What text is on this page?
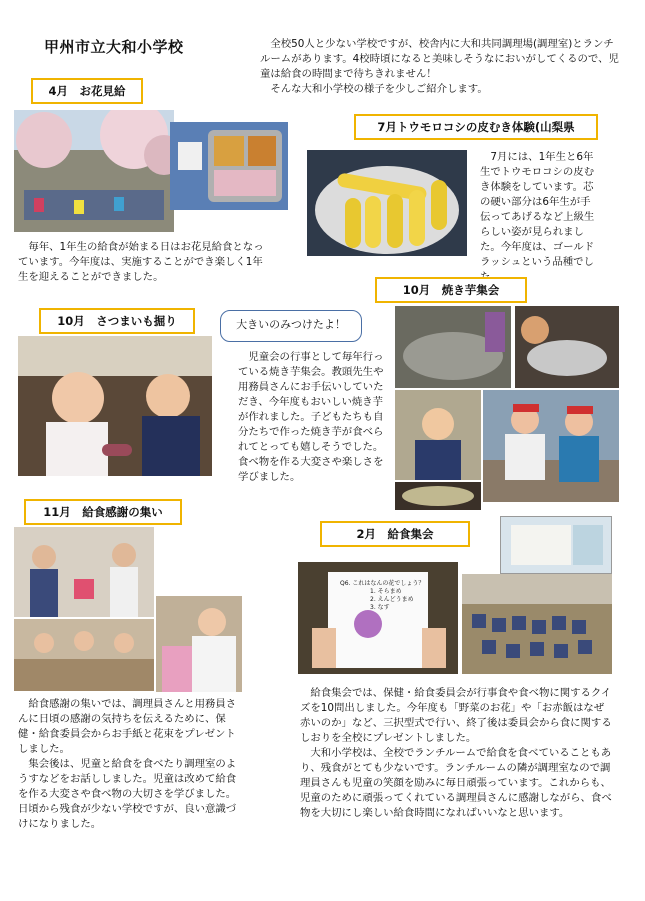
甲州市立大和小学校	全校50人と少ない学校ですが、校舎内に大和共同調理場(調理室)とランチルームがあります。4校時頃になると美味しそうなにおいがしてくるので、児童は給食の時間まで待ちきれません！

そんな大和小学校の様子を少しご紹介します。

4月　お花見給
毎年、1年生の給食が始まる日はお花見給食となっています。今年度は、実施することができ楽しく1年生を迎えることができました。
7月トウモロコシの皮むき体験(山梨県
7月には、1年生と6年生でトウモロコシの皮むき体験をしています。芯の硬い部分は6年生が手伝ってあげるなど上級生らしい姿が見られました。今年度は、ゴールドラッシュという品種でし
10月　さつまいも掘り	大きいのみつけたよ！
10月　焼き芋集会
児童会の行事として毎年行っている焼き芋集会。教頭先生や用務員さんにお手伝いしていただき、今年度もおいしい焼き芋が作れました。子どもたちも自分たちで作った焼き芋が食べられてとっても嬉しそうでした。食べ物を作る大変さや楽しさを学びました。
11月　給食感謝の集い

給食感謝の集いでは、調理員さんと用務員さんに日頃の感謝の気持ちを伝えるために、保健・給食委員会からお手紙と花束をプレゼントしました。

集会後は、児童と給食を食べたり調理室のようすなどをお話ししました。児童は改めて給食を作る大変さや食べ物の大切さを学びました。日頃から残食が少ない学校ですが、良い意識づけになりました。

2月　給食集会
Q6. これはなんの花でしょう？
1. そらまめ
2. えんどうまめ
3. なす

給食集会では、保健・給食委員会が行事食や食べ物に関するクイズを10問出しました。今年度も「野菜のお花」や「お赤飯はなぜ赤いのか」など、三択型式で行い、終了後は委員会から食に関するしおりを全校にプレゼントしました。

大和小学校は、全校でランチルームで給食を食べていることもあり、残食がとても少ないです。ランチルームの隣が調理室なので調理員さんも児童の笑顔を励みに毎日頑張っています。これからも、児童のために頑張ってくれている調理員さんに感謝しながら、食べ物を大切にし楽しい給食時間になればいいなと思います。
